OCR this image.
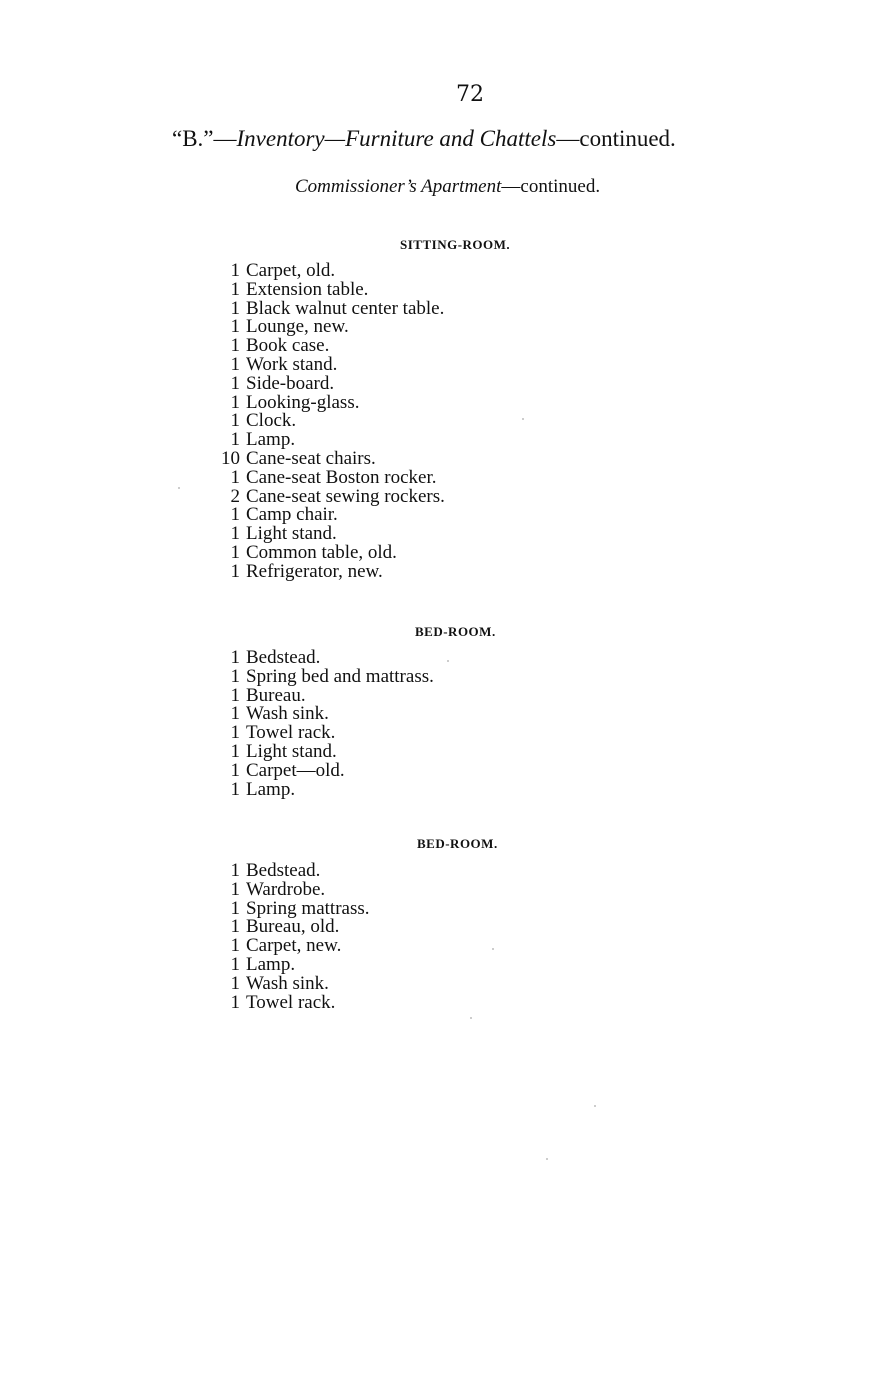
72
“B.”—Inventory—Furniture and Chattels—continued.
Commissioner’s Apartment—continued.
SITTING-ROOM.
1 Carpet, old.
1 Extension table.
1 Black walnut center table.
1 Lounge, new.
1 Book case.
1 Work stand.
1 Side-board.
1 Looking-glass.
1 Clock.
1 Lamp.
10 Cane-seat chairs.
1 Cane-seat Boston rocker.
2 Cane-seat sewing rockers.
1 Camp chair.
1 Light stand.
1 Common table, old.
1 Refrigerator, new.
BED-ROOM.
1 Bedstead.
1 Spring bed and mattrass.
1 Bureau.
1 Wash sink.
1 Towel rack.
1 Light stand.
1 Carpet—old.
1 Lamp.
BED-ROOM.
1 Bedstead.
1 Wardrobe.
1 Spring mattrass.
1 Bureau, old.
1 Carpet, new.
1 Lamp.
1 Wash sink.
1 Towel rack.
